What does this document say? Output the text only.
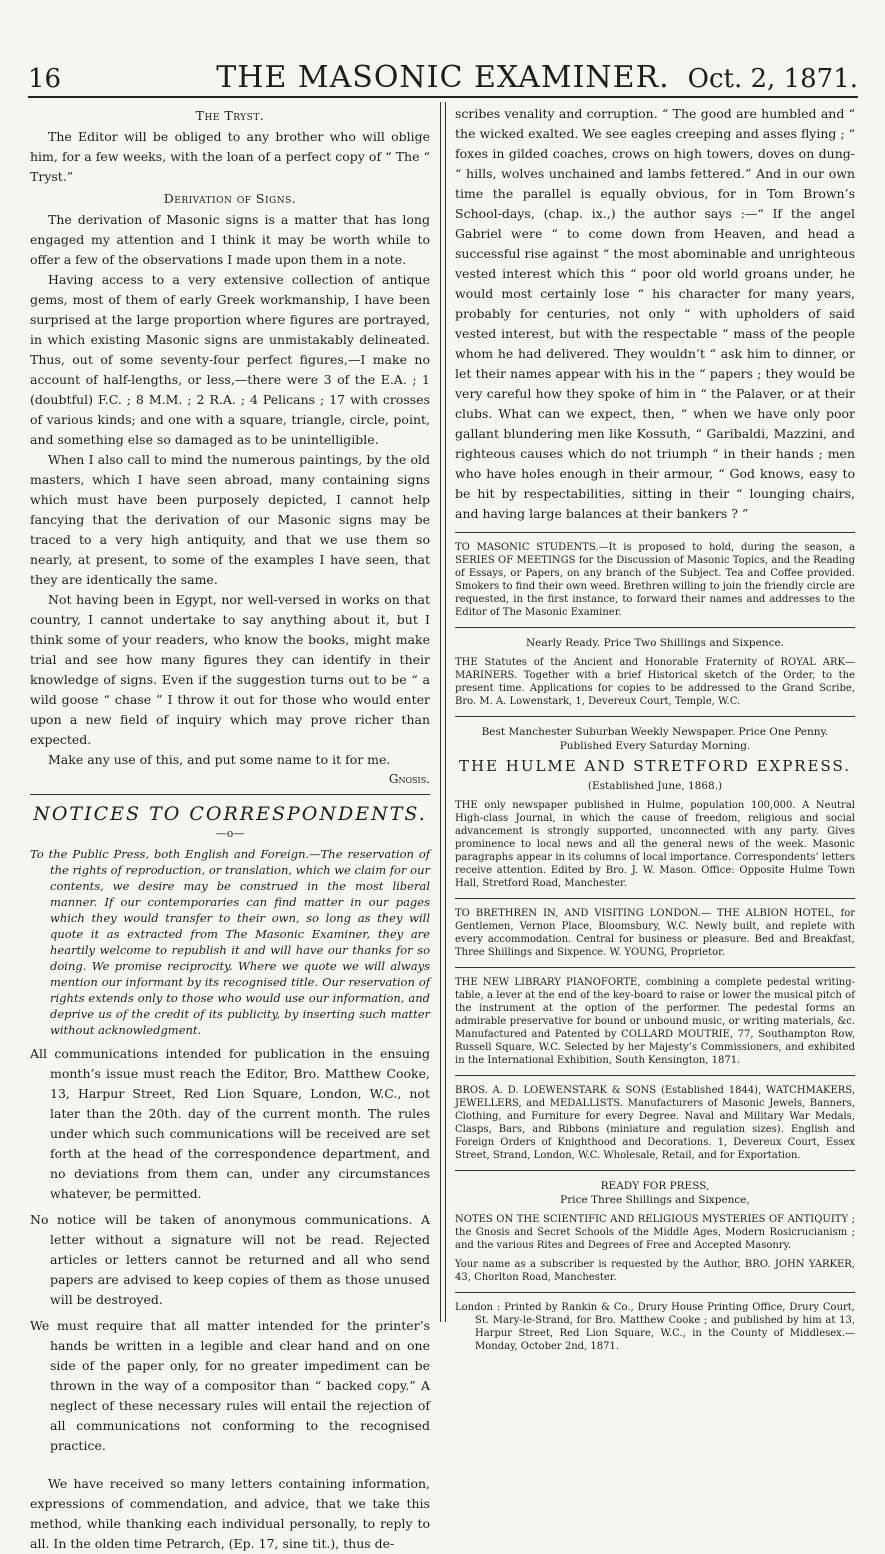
16	THE MASONIC EXAMINER. Oct. 2, 1871.
The Tryst.

The Editor will be obliged to any brother who will oblige him, for a few weeks, with the loan of a perfect copy of “ The “ Tryst.”

Derivation of Signs.

The derivation of Masonic signs is a matter that has long engaged my attention and I think it may be worth while to offer a few of the observations I made upon them in a note.

Having access to a very extensive collection of antique gems, most of them of early Greek workmanship, I have been surprised at the large proportion where figures are portrayed, in which existing Masonic signs are unmistakably delineated. Thus, out of some seventy-four perfect figures,—I make no account of half-lengths, or less,—there were 3 of the E.A. ; 1 (doubtful) F.C. ; 8 M.M. ; 2 R.A. ; 4 Pelicans ; 17 with crosses of various kinds; and one with a square, triangle, circle, point, and something else so damaged as to be unintelligible.

When I also call to mind the numerous paintings, by the old masters, which I have seen abroad, many containing signs which must have been purposely depicted, I cannot help fancying that the derivation of our Masonic signs may be traced to a very high antiquity, and that we use them so nearly, at present, to some of the examples I have seen, that they are identically the same.

Not having been in Egypt, nor well-versed in works on that country, I cannot undertake to say anything about it, but I think some of your readers, who know the books, might make trial and see how many figures they can identify in their knowledge of signs. Even if the suggestion turns out to be “ a wild goose “ chase ” I throw it out for those who would enter upon a new field of inquiry which may prove richer than expected.

Make any use of this, and put some name to it for me.

Gnosis.
NOTICES TO CORRESPONDENTS.
—o—

To the Public Press, both English and Foreign.—The reservation of the rights of reproduction, or translation, which we claim for our contents, we desire may be construed in the most liberal manner. If our contemporaries can find matter in our pages which they would transfer to their own, so long as they will quote it as extracted from The Masonic Examiner, they are heartily welcome to republish it and will have our thanks for so doing. We promise reciprocity. Where we quote we will always mention our informant by its recognised title. Our reservation of rights extends only to those who would use our information, and deprive us of the credit of its publicity, by inserting such matter without acknowledgment.

All communications intended for publication in the ensuing month’s issue must reach the Editor, Bro. Matthew Cooke, 13, Harpur Street, Red Lion Square, London, W.C., not later than the 20th. day of the current month. The rules under which such communications will be received are set forth at the head of the correspondence department, and no deviations from them can, under any circumstances whatever, be permitted.

No notice will be taken of anonymous communications. A letter without a signature will not be read. Rejected articles or letters cannot be returned and all who send papers are advised to keep copies of them as those unused will be destroyed.

We must require that all matter intended for the printer’s hands be written in a legible and clear hand and on one side of the paper only, for no greater impediment can be thrown in the way of a compositor than “ backed copy.” A neglect of these necessary rules will entail the rejection of all communications not conforming to the recognised practice.

We have received so many letters containing information, expressions of commendation, and advice, that we take this method, while thanking each individual personally, to reply to all. In the olden time Petrarch, (Ep. 17, sine tit.), thus de-

scribes venality and corruption. “ The good are humbled and “ the wicked exalted. We see eagles creeping and asses flying ; “ foxes in gilded coaches, crows on high towers, doves on dung- “ hills, wolves unchained and lambs fettered.” And in our own time the parallel is equally obvious, for in Tom Brown’s School-days, (chap. ix.,) the author says :—“ If the angel Gabriel were “ to come down from Heaven, and head a successful rise against “ the most abominable and unrighteous vested interest which this “ poor old world groans under, he would most certainly lose “ his character for many years, probably for centuries, not only “ with upholders of said vested interest, but with the respectable “ mass of the people whom he had delivered. They wouldn’t “ ask him to dinner, or let their names appear with his in the “ papers ; they would be very careful how they spoke of him in “ the Palaver, or at their clubs. What can we expect, then, “ when we have only poor gallant blundering men like Kossuth, “ Garibaldi, Mazzini, and righteous causes which do not triumph “ in their hands ; men who have holes enough in their armour, “ God knows, easy to be hit by respectabilities, sitting in their “ lounging chairs, and having large balances at their bankers ? ”

TO MASONIC STUDENTS.—It is proposed to hold, during the season, a SERIES OF MEETINGS for the Discussion of Masonic Topics, and the Reading of Essays, or Papers, on any branch of the Subject. Tea and Coffee provided. Smokers to find their own weed. Brethren willing to join the friendly circle are requested, in the first instance, to forward their names and addresses to the Editor of The Masonic Examiner.
Nearly Ready. Price Two Shillings and Sixpence.
THE Statutes of the Ancient and Honorable Fraternity of ROYAL ARK—MARINERS. Together with a brief Historical sketch of the Order, to the present time. Applications for copies to be addressed to the Grand Scribe, Bro. M. A. Lowenstark, 1, Devereux Court, Temple, W.C.
Best Manchester Suburban Weekly Newspaper. Price One Penny. Published Every Saturday Morning.
THE HULME AND STRETFORD EXPRESS.
(Established June, 1868.)
THE only newspaper published in Hulme, population 100,000. A Neutral High-class Journal, in which the cause of freedom, religious and social advancement is strongly supported, unconnected with any party. Gives prominence to local news and all the general news of the week. Masonic paragraphs appear in its columns of local importance. Correspondents’ letters receive attention. Edited by Bro. J. W. Mason. Office: Opposite Hulme Town Hall, Stretford Road, Manchester.
TO BRETHREN IN, AND VISITING LONDON.— THE ALBION HOTEL, for Gentlemen, Vernon Place, Bloomsbury, W.C. Newly built, and replete with every accommodation. Central for business or pleasure. Bed and Breakfast, Three Shillings and Sixpence. W. YOUNG, Proprietor.
THE NEW LIBRARY PIANOFORTE, combining a complete pedestal writing-table, a lever at the end of the key-board to raise or lower the musical pitch of the instrument at the option of the performer. The pedestal forms an admirable preservative for bound or unbound music, or writing materials, &c. Manufactured and Patented by COLLARD MOUTRIE, 77, Southampton Row, Russell Square, W.C. Selected by her Majesty’s Commissioners, and exhibited in the International Exhibition, South Kensington, 1871.
BROS. A. D. LOEWENSTARK & SONS (Established 1844), WATCHMAKERS, JEWELLERS, and MEDALLISTS. Manufacturers of Masonic Jewels, Banners, Clothing, and Furniture for every Degree. Naval and Military War Medals, Clasps, Bars, and Ribbons (miniature and regulation sizes). English and Foreign Orders of Knighthood and Decorations. 1, Devereux Court, Essex Street, Strand, London, W.C. Wholesale, Retail, and for Exportation.
READY FOR PRESS,
Price Three Shillings and Sixpence,
NOTES ON THE SCIENTIFIC AND RELIGIOUS MYSTERIES OF ANTIQUITY ; the Gnosis and Secret Schools of the Middle Ages, Modern Rosicrucianism ; and the various Rites and Degrees of Free and Accepted Masonry.
Your name as a subscriber is requested by the Author, BRO. JOHN YARKER, 43, Chorlton Road, Manchester.
London : Printed by Rankin & Co., Drury House Printing Office, Drury Court, St. Mary-le-Strand, for Bro. Matthew Cooke ; and published by him at 13, Harpur Street, Red Lion Square, W.C., in the County of Middlesex.—Monday, October 2nd, 1871.
